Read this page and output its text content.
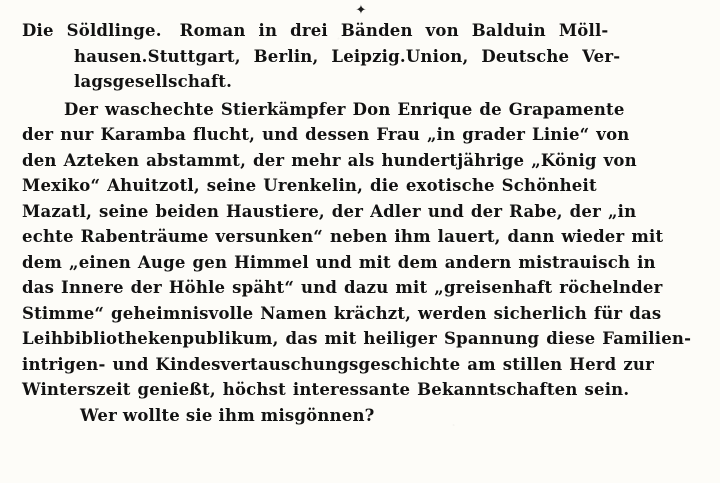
✦
Die Söldlinge. Roman in drei Bänden von Balduin Möll-
hausen.Stuttgart, Berlin, Leipzig.Union, Deutsche Ver-
lagsgesellschaft.

Der waschechte Stierkämpfer Don Enrique de Grapamente

der nur Karamba flucht, und dessen Frau „in grader Linie“ von

den Azteken abstammt, der mehr als hundertjährige „König von

Mexiko“ Ahuitzotl, seine Urenkelin, die exotische Schönheit

Mazatl, seine beiden Haustiere, der Adler und der Rabe, der „in

echte Rabenträume versunken“ neben ihm lauert, dann wieder mit

dem „einen Auge gen Himmel und mit dem andern mistrauisch in

das Innere der Höhle späht“ und dazu mit „greisenhaft röchelnder

Stimme“ geheimnisvolle Namen krächzt, werden sicherlich für das

Leihbibliothekenpublikum, das mit heiliger Spannung diese Familien-

intrigen- und Kindesvertauschungsgeschichte am stillen Herd zur

Winterszeit genießt, höchst interessante Bekanntschaften sein.

Wer wollte sie ihm misgönnen?
